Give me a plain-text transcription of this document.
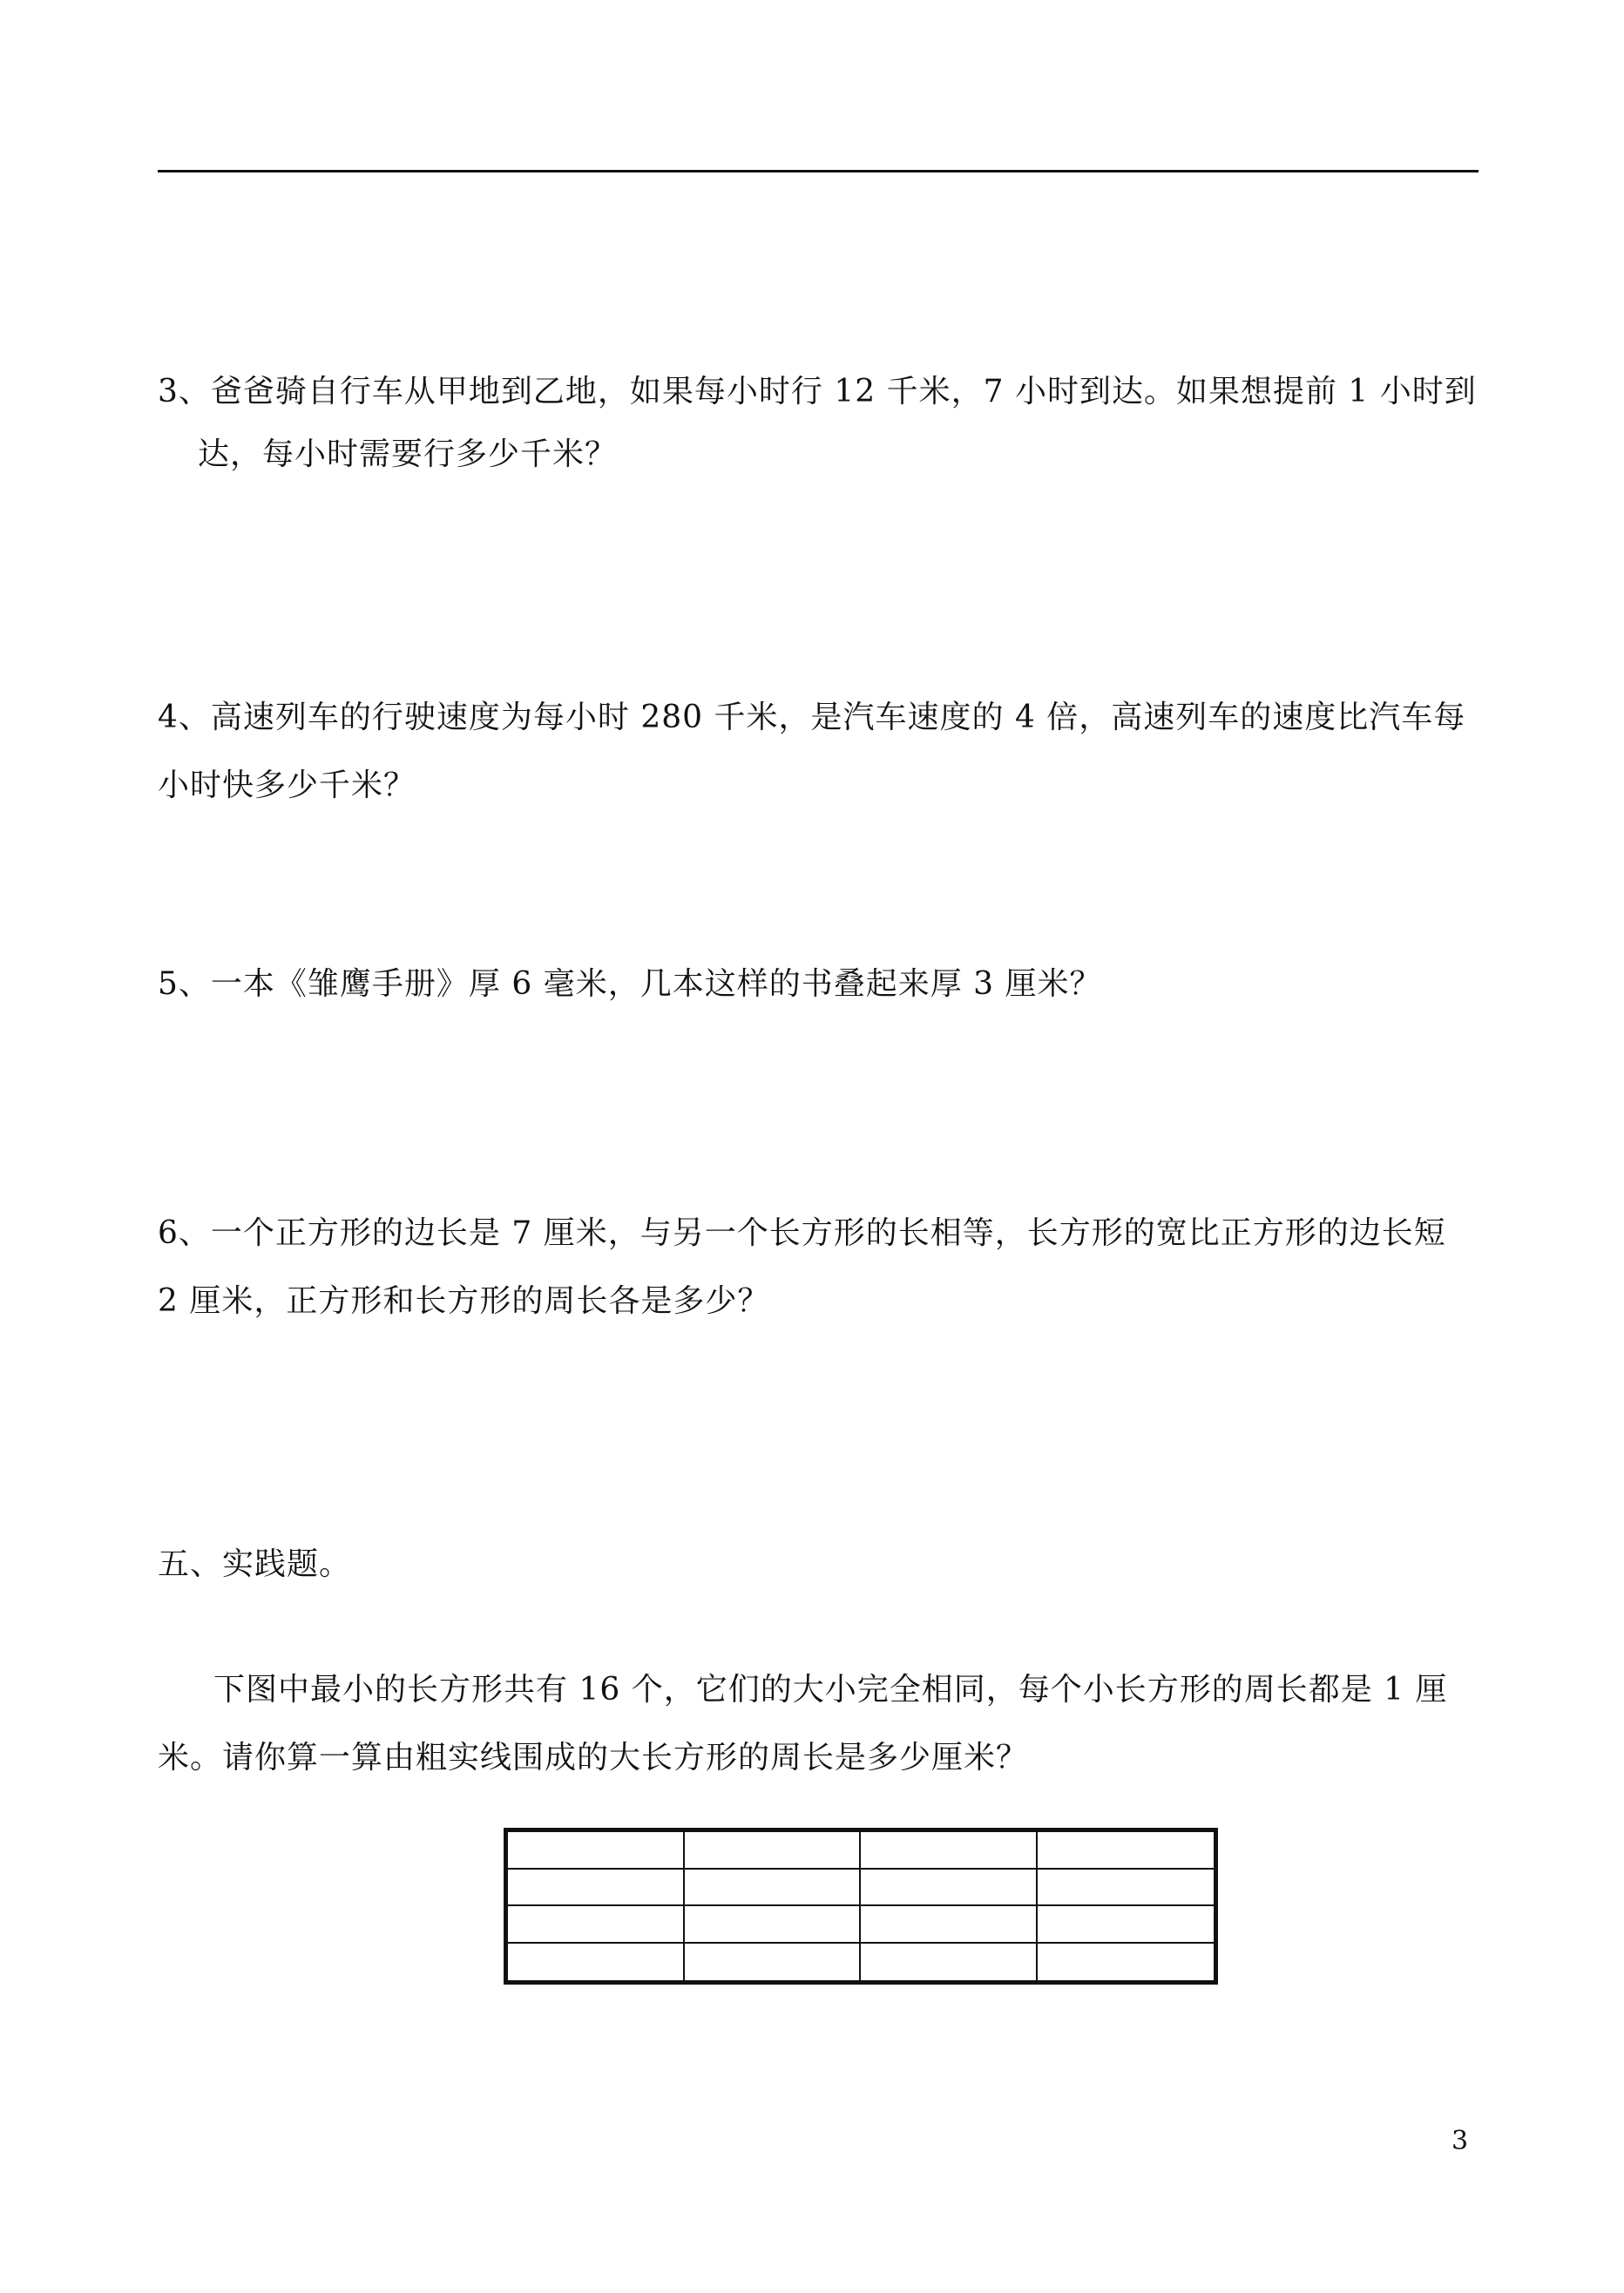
3、爸爸骑自行车从甲地到乙地，如果每小时行 12 千米，7 小时到达。如果想提前 1 小时到
达，每小时需要行多少千米？
4、高速列车的行驶速度为每小时 280 千米，是汽车速度的 4 倍，高速列车的速度比汽车每
小时快多少千米？
5、一本《雏鹰手册》厚 6 毫米，几本这样的书叠起来厚 3 厘米？
6、一个正方形的边长是 7 厘米，与另一个长方形的长相等，长方形的宽比正方形的边长短
2 厘米，正方形和长方形的周长各是多少？
五、实践题。
下图中最小的长方形共有 16 个，它们的大小完全相同，每个小长方形的周长都是 1 厘
米。请你算一算由粗实线围成的大长方形的周长是多少厘米？
3
